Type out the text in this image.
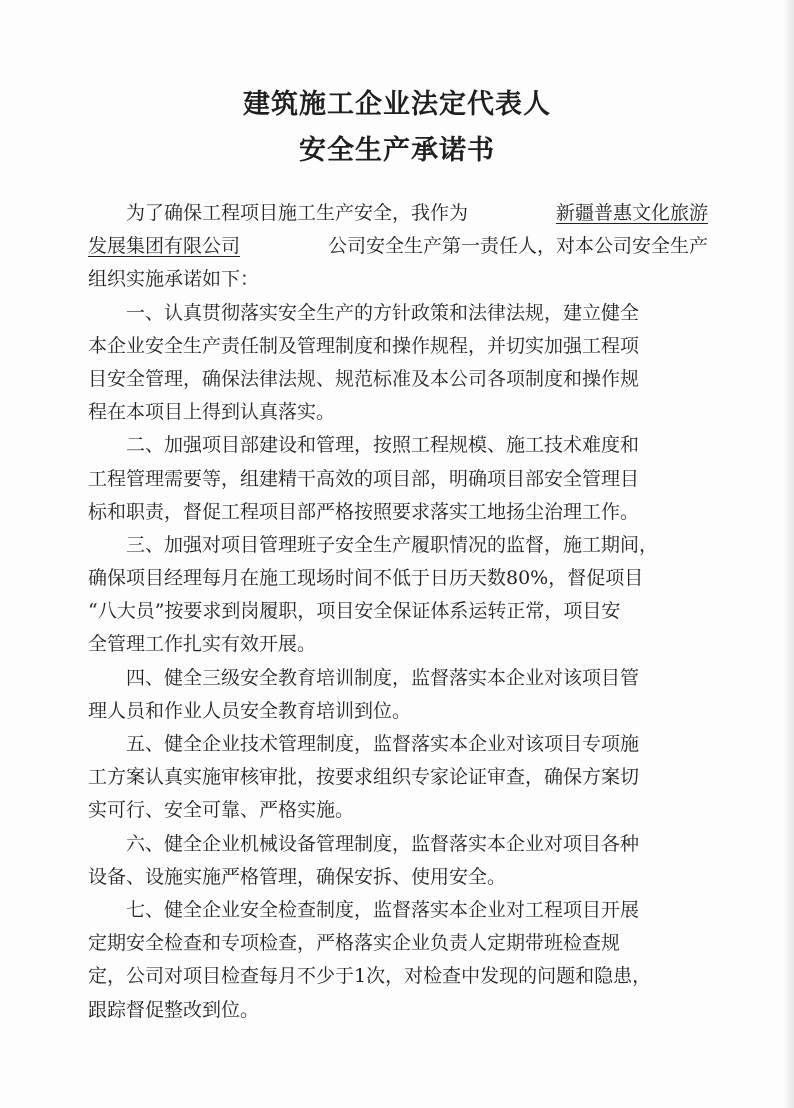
建筑施工企业法定代表人
安全生产承诺书
为了确保工程项目施工生产安全，我作为	新疆普惠文化旅游
发展集团有限公司	公司安全生产第一责任人，对本公司安全生产
组织实施承诺如下：
一、认真贯彻落实安全生产的方针政策和法律法规，建立健全
本企业安全生产责任制及管理制度和操作规程，并切实加强工程项
目安全管理，确保法律法规、规范标准及本公司各项制度和操作规
程在本项目上得到认真落实。
二、加强项目部建设和管理，按照工程规模、施工技术难度和
工程管理需要等，组建精干高效的项目部，明确项目部安全管理目
标和职责，督促工程项目部严格按照要求落实工地扬尘治理工作。
三、加强对项目管理班子安全生产履职情况的监督，施工期间，
确保项目经理每月在施工现场时间不低于日历天数80%，督促项目
“八大员”按要求到岗履职，项目安全保证体系运转正常，项目安
全管理工作扎实有效开展。
四、健全三级安全教育培训制度，监督落实本企业对该项目管
理人员和作业人员安全教育培训到位。
五、健全企业技术管理制度，监督落实本企业对该项目专项施
工方案认真实施审核审批，按要求组织专家论证审查，确保方案切
实可行、安全可靠、严格实施。
六、健全企业机械设备管理制度，监督落实本企业对项目各种
设备、设施实施严格管理，确保安拆、使用安全。
七、健全企业安全检查制度，监督落实本企业对工程项目开展
定期安全检查和专项检查，严格落实企业负责人定期带班检查规
定，公司对项目检查每月不少于1次，对检查中发现的问题和隐患，
跟踪督促整改到位。
